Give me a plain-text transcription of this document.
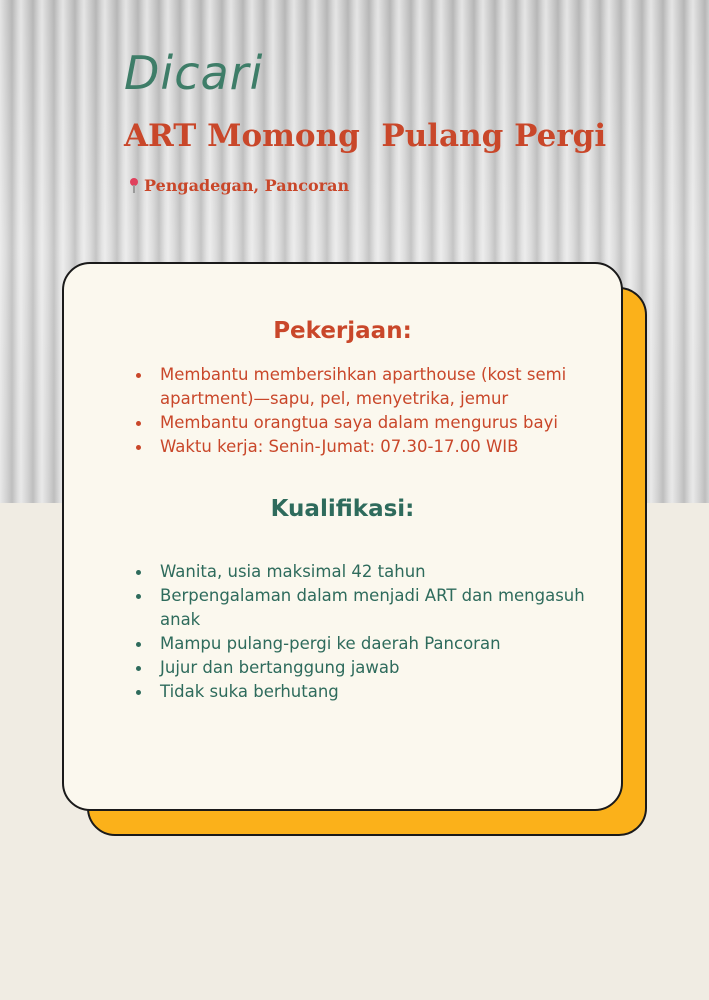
Dicari
ART Momong  Pulang Pergi
Pengadegan, Pancoran
Pekerjaan:
Membantu membersihkan aparthouse (kost semi apartment)—sapu, pel, menyetrika, jemur
Membantu orangtua saya dalam mengurus bayi
Waktu kerja: Senin-Jumat: 07.30-17.00 WIB
Kualifikasi:
Wanita, usia maksimal 42 tahun
Berpengalaman dalam menjadi ART dan mengasuh anak
Mampu pulang-pergi ke daerah Pancoran
Jujur dan bertanggung jawab
Tidak suka berhutang
